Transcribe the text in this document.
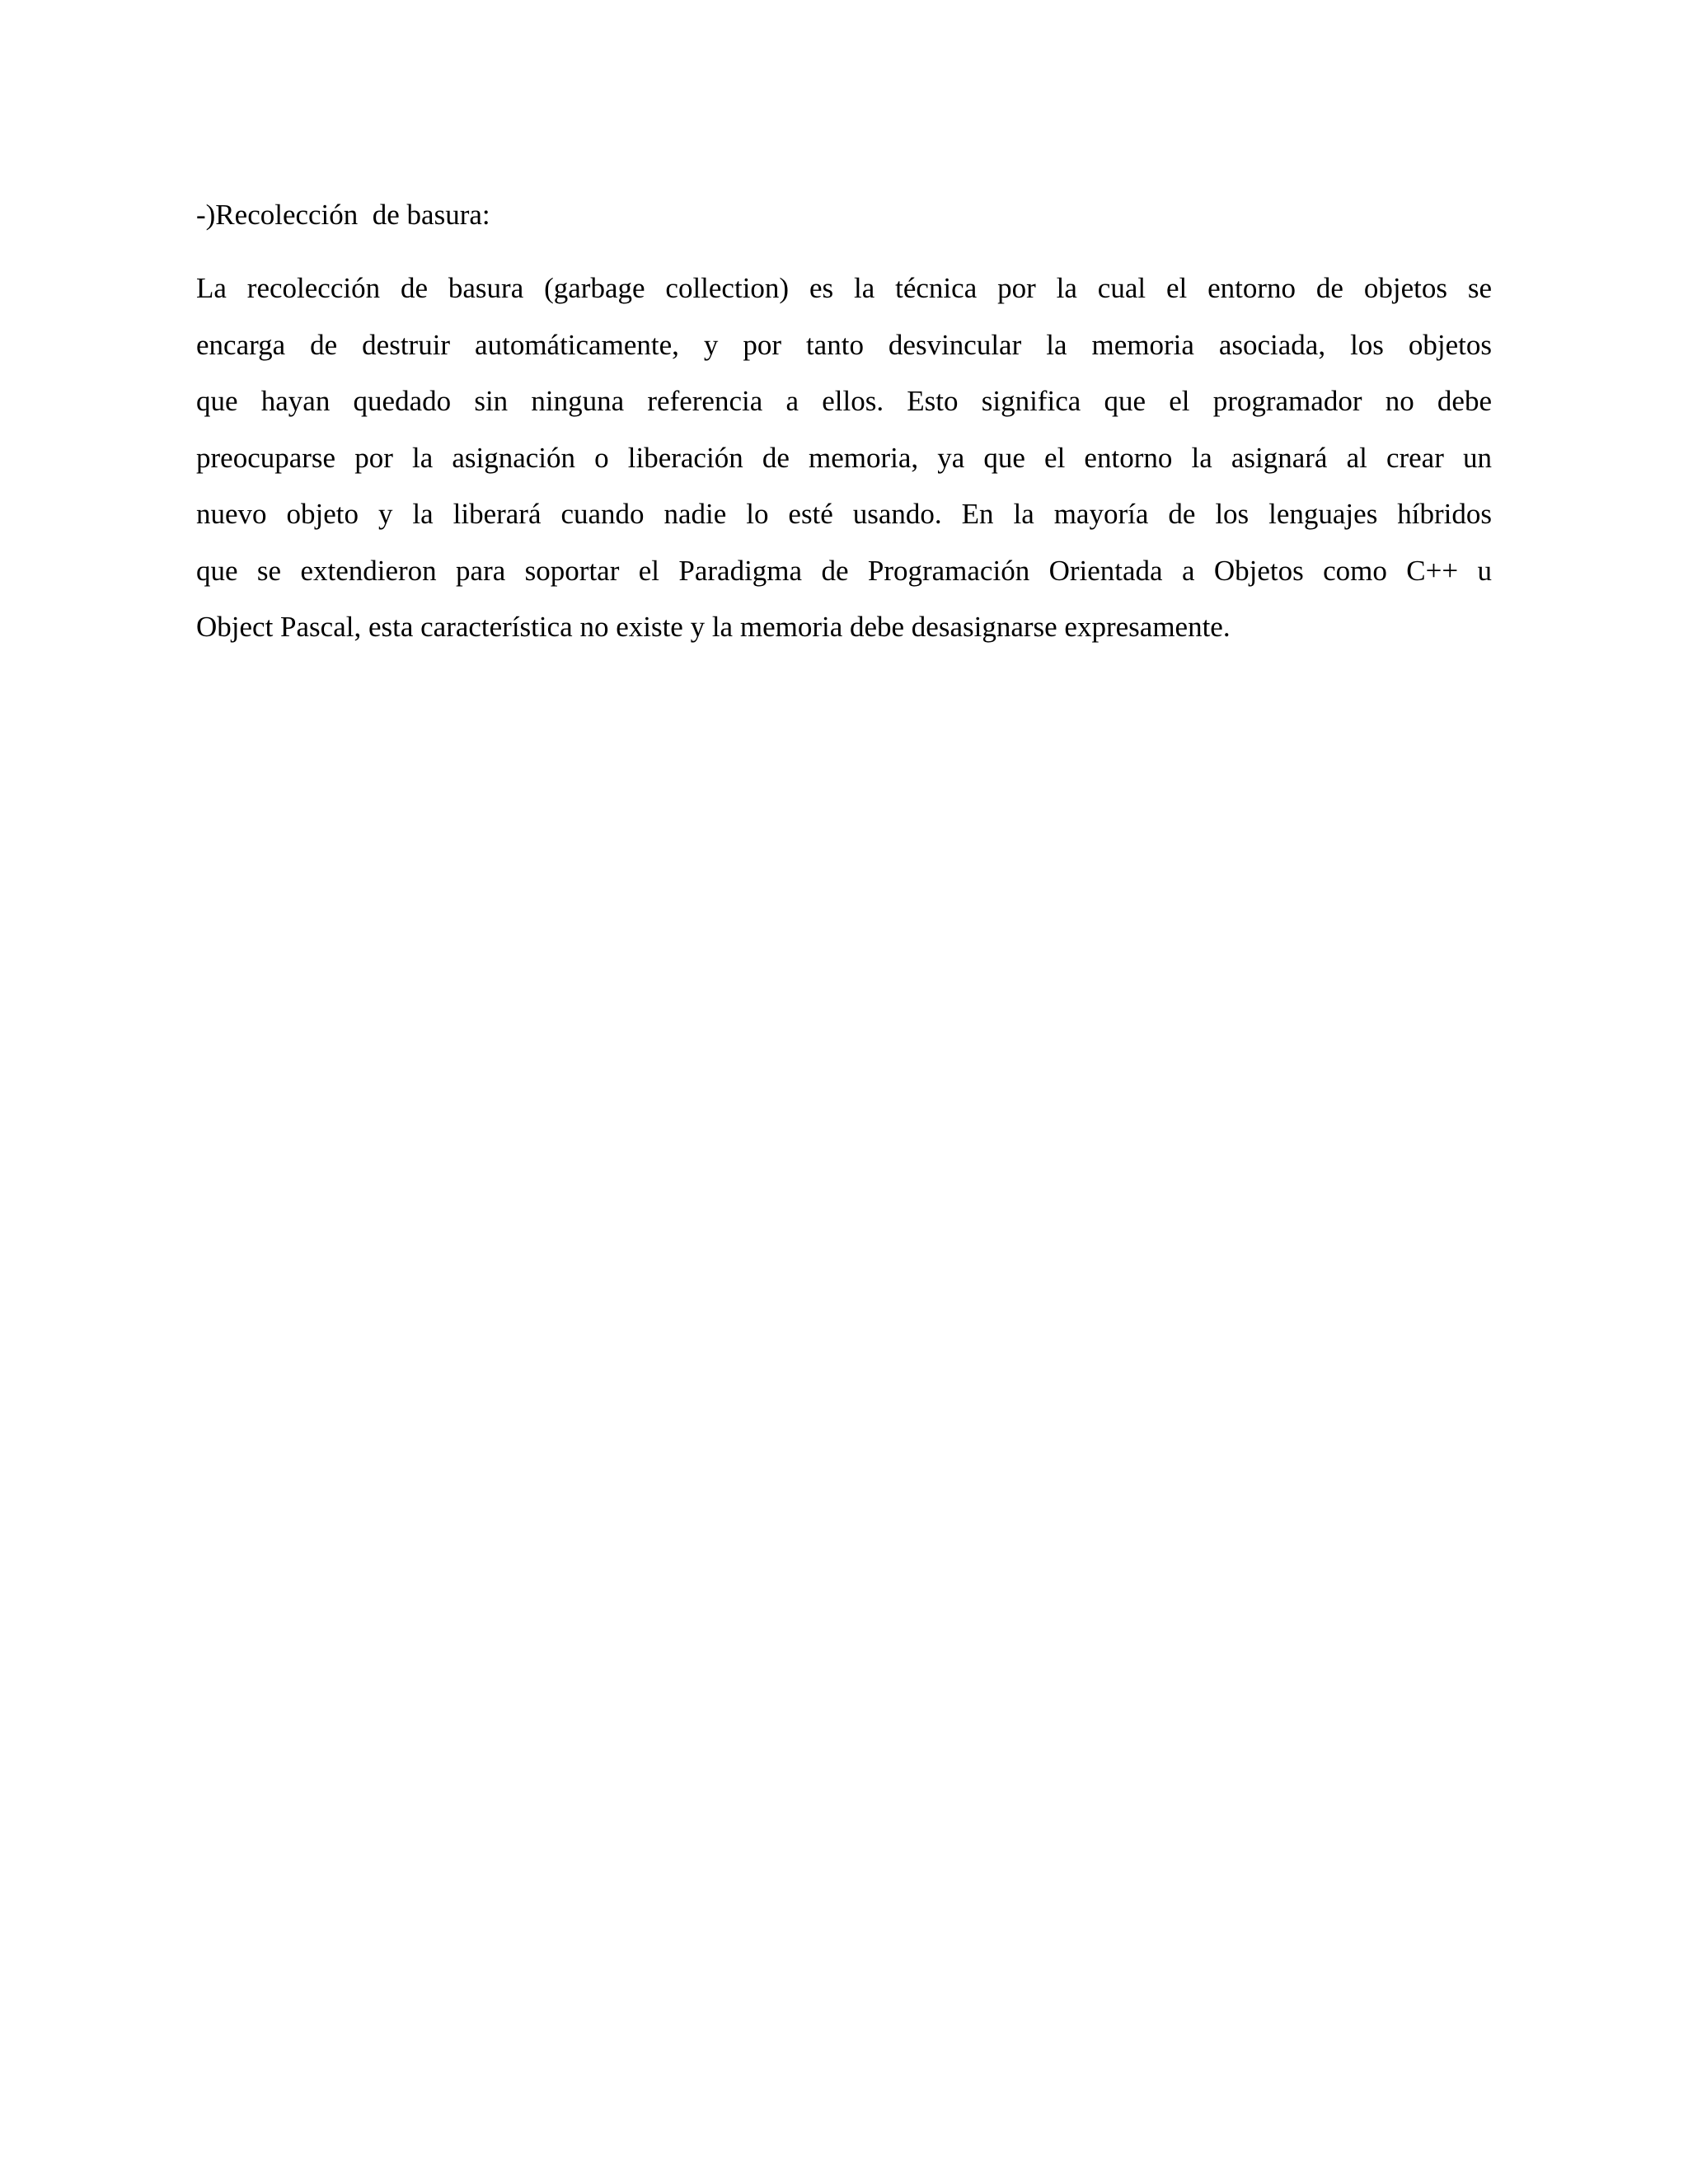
-)Recolección  de basura:

La recolección de basura (garbage collection) es la técnica por la cual el entorno de objetos se
encarga de destruir automáticamente, y por tanto desvincular la memoria asociada, los objetos
que hayan quedado sin ninguna referencia a ellos. Esto significa que el programador no debe
preocuparse por la asignación o liberación de memoria, ya que el entorno la asignará al crear un
nuevo objeto y la liberará cuando nadie lo esté usando. En la mayoría de los lenguajes híbridos
que se extendieron para soportar el Paradigma de Programación Orientada a Objetos como C++ u
Object Pascal, esta característica no existe y la memoria debe desasignarse expresamente.
